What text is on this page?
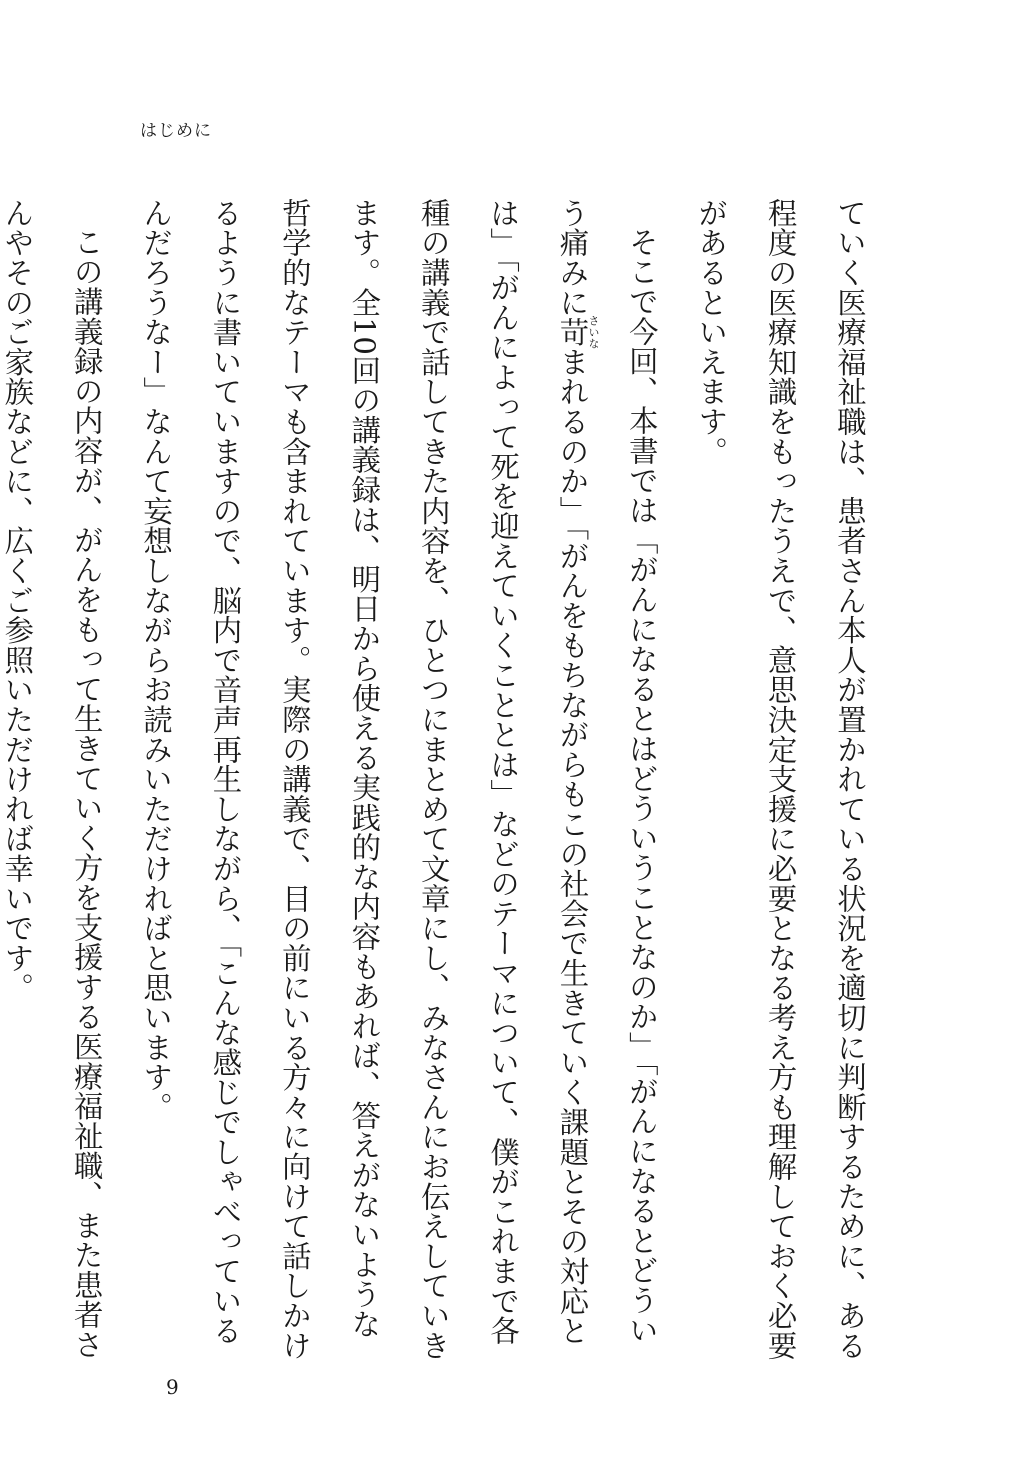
はじめに

ていく医療福祉職は、患者さん本人が置かれている状況を適切に判断するために、ある程度の医療知識をもったうえで、意思決定支援に必要となる考え方も理解しておく必要があるといえます。

そこで今回、本書では「がんになるとはどういうことなのか」「がんになるとどういう痛みに苛さいなまれるのか」「がんをもちながらもこの社会で生きていく課題とその対応とは」「がんによって死を迎えていくこととは」などのテーマについて、僕がこれまで各種の講義で話してきた内容を、ひとつにまとめて文章にし、みなさんにお伝えしていきます。全10回の講義録は、明日から使える実践的な内容もあれば、答えがないような哲学的なテーマも含まれています。実際の講義で、目の前にいる方々に向けて話しかけるように書いていますので、脳内で音声再生しながら、「こんな感じでしゃべっているんだろうなー」なんて妄想しながらお読みいただければと思います。

この講義録の内容が、がんをもって生きていく方を支援する医療福祉職、また患者さんやそのご家族などに、広くご参照いただければ幸いです。

9
